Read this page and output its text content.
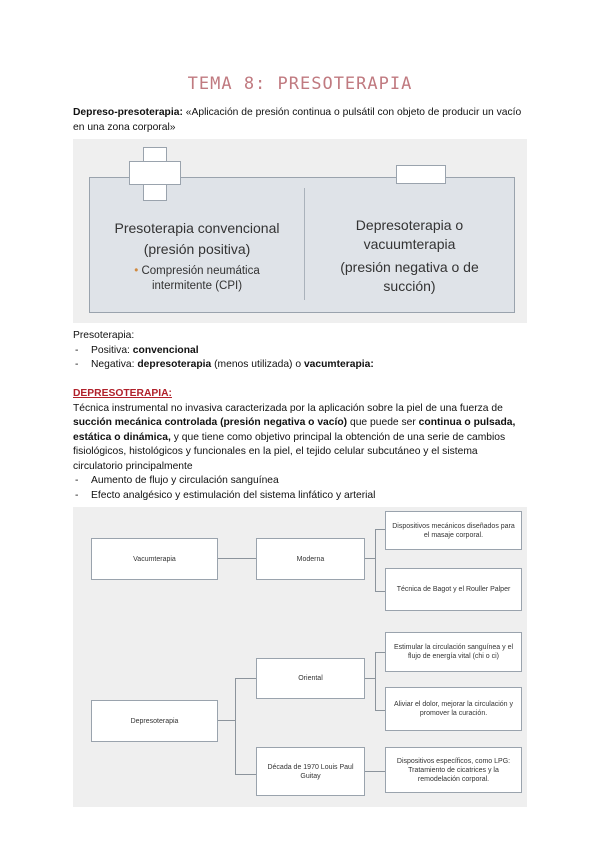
TEMA 8: PRESOTERAPIA
Depreso-presoterapia: «Aplicación de presión continua o pulsátil con objeto de producir un vacío en una zona corporal»
Presoterapia convencional
(presión positiva)
• Compresión neumática intermitente (CPI)
Depresoterapia o
vacuumterapia
(presión negativa o de
succión)
Presoterapia:
- Positiva: convencional
- Negativa: depresoterapia (menos utilizada) o vacumterapia:
DEPRESOTERAPIA:
Técnica instrumental no invasiva caracterizada por la aplicación sobre la piel de una fuerza de succión mecánica controlada (presión negativa o vacío) que puede ser continua o pulsada, estática o dinámica, y que tiene como objetivo principal la obtención de una serie de cambios fisiológicos, histológicos y funcionales en la piel, el tejido celular subcutáneo y el sistema circulatorio principalmente
- Aumento de flujo y circulación sanguínea
- Efecto analgésico y estimulación del sistema linfático y arterial
Vacumterapia	Moderna
Dispositivos mecánicos diseñados para el masaje corporal.
Técnica de Bagot y el Rouller Palper
Depresoterapia
Oriental
Década de 1970 Louis Paul Guitay
Estimular la circulación sanguínea y el flujo de energía vital (chi o ci)
Aliviar el dolor, mejorar la circulación y promover la curación.
Dispositivos específicos, como LPG: Tratamiento de cicatrices y la remodelación corporal.
